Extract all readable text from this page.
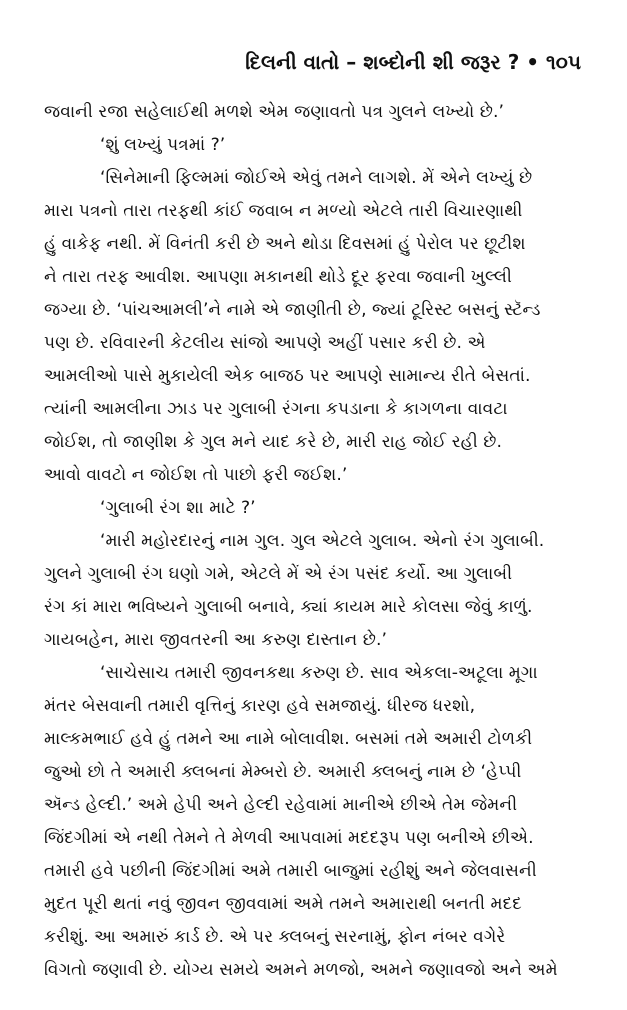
દિલની વાતો – શબ્દોની શી જરૂર ? • ૧૦૫
જવાની રજા સહેલાઈથી મળશે એમ જણાવતો પત્ર ગુલને લખ્યો છે.’
‘શું લખ્યું પત્રમાં ?’
‘સિનેમાની ફિલ્મમાં જોઈએ એવું તમને લાગશે. મેં એને લખ્યું છે
મારા પત્રનો તારા તરફથી કાંઈ જવાબ ન મળ્યો એટલે તારી વિચારણાથી
હું વાકેફ નથી. મેં વિનંતી કરી છે અને થોડા દિવસમાં હું પેરોલ પર છૂટીશ
ને તારા તરફ આવીશ. આપણા મકાનથી થોડે દૂર ફરવા જવાની ખુલ્લી
જગ્યા છે. ‘પાંચઆમલી’ને નામે એ જાણીતી છે, જ્યાં ટૂરિસ્ટ બસનું સ્ટૅન્ડ
પણ છે. રવિવારની કેટલીય સાંજો આપણે અહીં પસાર કરી છે. એ
આમલીઓ પાસે મુકાયેલી એક બાજઠ પર આપણે સામાન્ય રીતે બેસતાં.
ત્યાંની આમલીના ઝાડ પર ગુલાબી રંગના કપડાના કે કાગળના વાવટા
જોઈશ, તો જાણીશ કે ગુલ મને યાદ કરે છે, મારી રાહ જોઈ રહી છે.
આવો વાવટો ન જોઈશ તો પાછો ફરી જઈશ.’
‘ગુલાબી રંગ શા માટે ?’
‘મારી મહોરદારનું નામ ગુલ. ગુલ એટલે ગુલાબ. એનો રંગ ગુલાબી.
ગુલને ગુલાબી રંગ ઘણો ગમે, એટલે મેં એ રંગ પસંદ કર્યો. આ ગુલાબી
રંગ કાં મારા ભવિષ્યને ગુલાબી બનાવે, ક્યાં કાયમ મારે કોલસા જેવું કાળું.
ગાયબહેન, મારા જીવતરની આ કરુણ દાસ્તાન છે.’
‘સાચેસાચ તમારી જીવનકથા કરુણ છે. સાવ એકલા-અટૂલા મૂગા
મંતર બેસવાની તમારી વૃત્તિનું કારણ હવે સમજાયું. ધીરજ ધરશો,
માલ્કમભાઈ હવે હું તમને આ નામે બોલાવીશ. બસમાં તમે અમારી ટોળકી
જુઓ છો તે અમારી ક્લબનાં મેમ્બરો છે. અમારી ક્લબનું નામ છે ‘હેપ્પી
ઍન્ડ હેલ્દી.’ અમે હેપી અને હેલ્દી રહેવામાં માનીએ છીએ તેમ જેમની
જિંદગીમાં એ નથી તેમને તે મેળવી આપવામાં મદદરૂપ પણ બનીએ છીએ.
તમારી હવે પછીની જિંદગીમાં અમે તમારી બાજુમાં રહીશું અને જેલવાસની
મુદત પૂરી થતાં નવું જીવન જીવવામાં અમે તમને અમારાથી બનતી મદદ
કરીશું. આ અમારું કાર્ડ છે. એ પર ક્લબનું સરનામું, ફોન નંબર વગેરે
વિગતો જણાવી છે. યોગ્ય સમયે અમને મળજો, અમને જણાવજો અને અમે
